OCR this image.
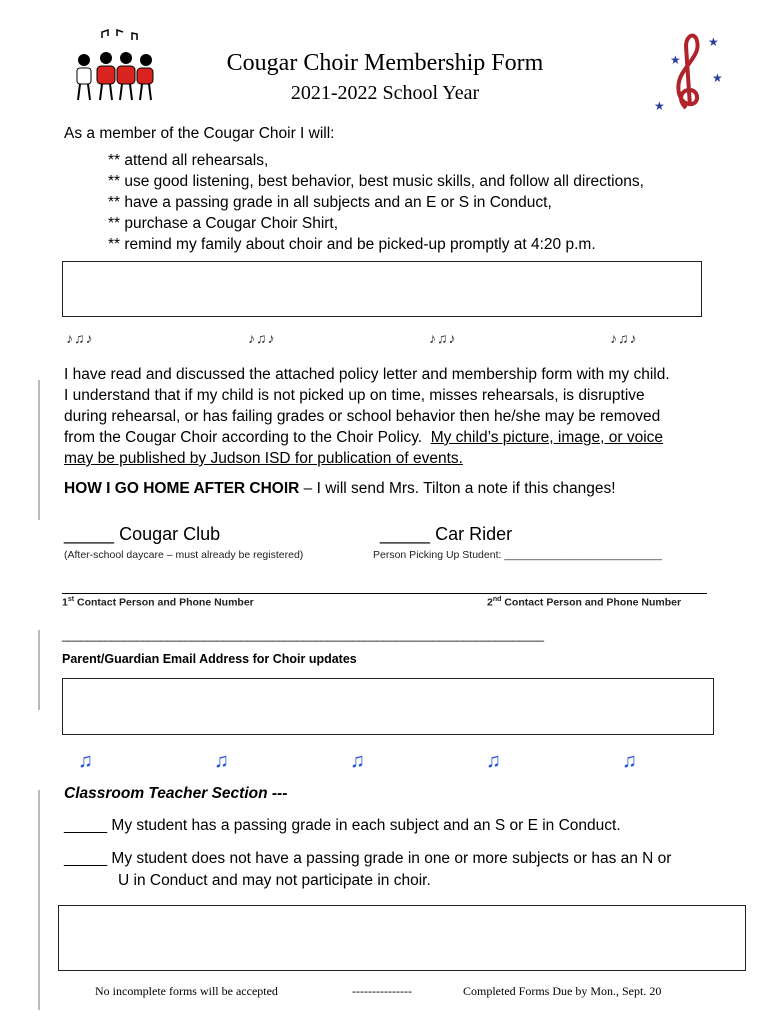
★
★
★
★
Cougar Choir Membership Form
2021-2022 School Year
As a member of the Cougar Choir I will:
** attend all rehearsals,
** use good listening, best behavior, best music skills, and follow all directions,
** have a passing grade in all subjects and an E or S in Conduct,
** purchase a Cougar Choir Shirt,
** remind my family about choir and be picked-up promptly at 4:20 p.m.
♪♫♪	♪♫♪	♪♫♪	♪♫♪
I have read and discussed the attached policy letter and membership form with my child.
I understand that if my child is not picked up on time, misses rehearsals, is disruptive
during rehearsal, or has failing grades or school behavior then he/she may be removed
from the Cougar Choir according to the Choir Policy.  My child’s picture, image, or voice
may be published by Judson ISD for publication of events.
HOW I GO HOME AFTER CHOIR – I will send Mrs. Tilton a note if this changes!
_____ Cougar Club
(After-school daycare – must already be registered)
_____ Car Rider
Person Picking Up Student: ___________________________
1st Contact Person and Phone Number	2nd Contact Person and Phone Number
______________________________________________________________________________
Parent/Guardian Email Address for Choir updates
♫	♫	♫	♫	♫
Classroom Teacher Section ---
_____ My student has a passing grade in each subject and an S or E in Conduct.
_____ My student does not have a passing grade in one or more subjects or has an N or
U in Conduct and may not participate in choir.
No incomplete forms will be accepted	---------------	Completed Forms Due by Mon., Sept. 20
